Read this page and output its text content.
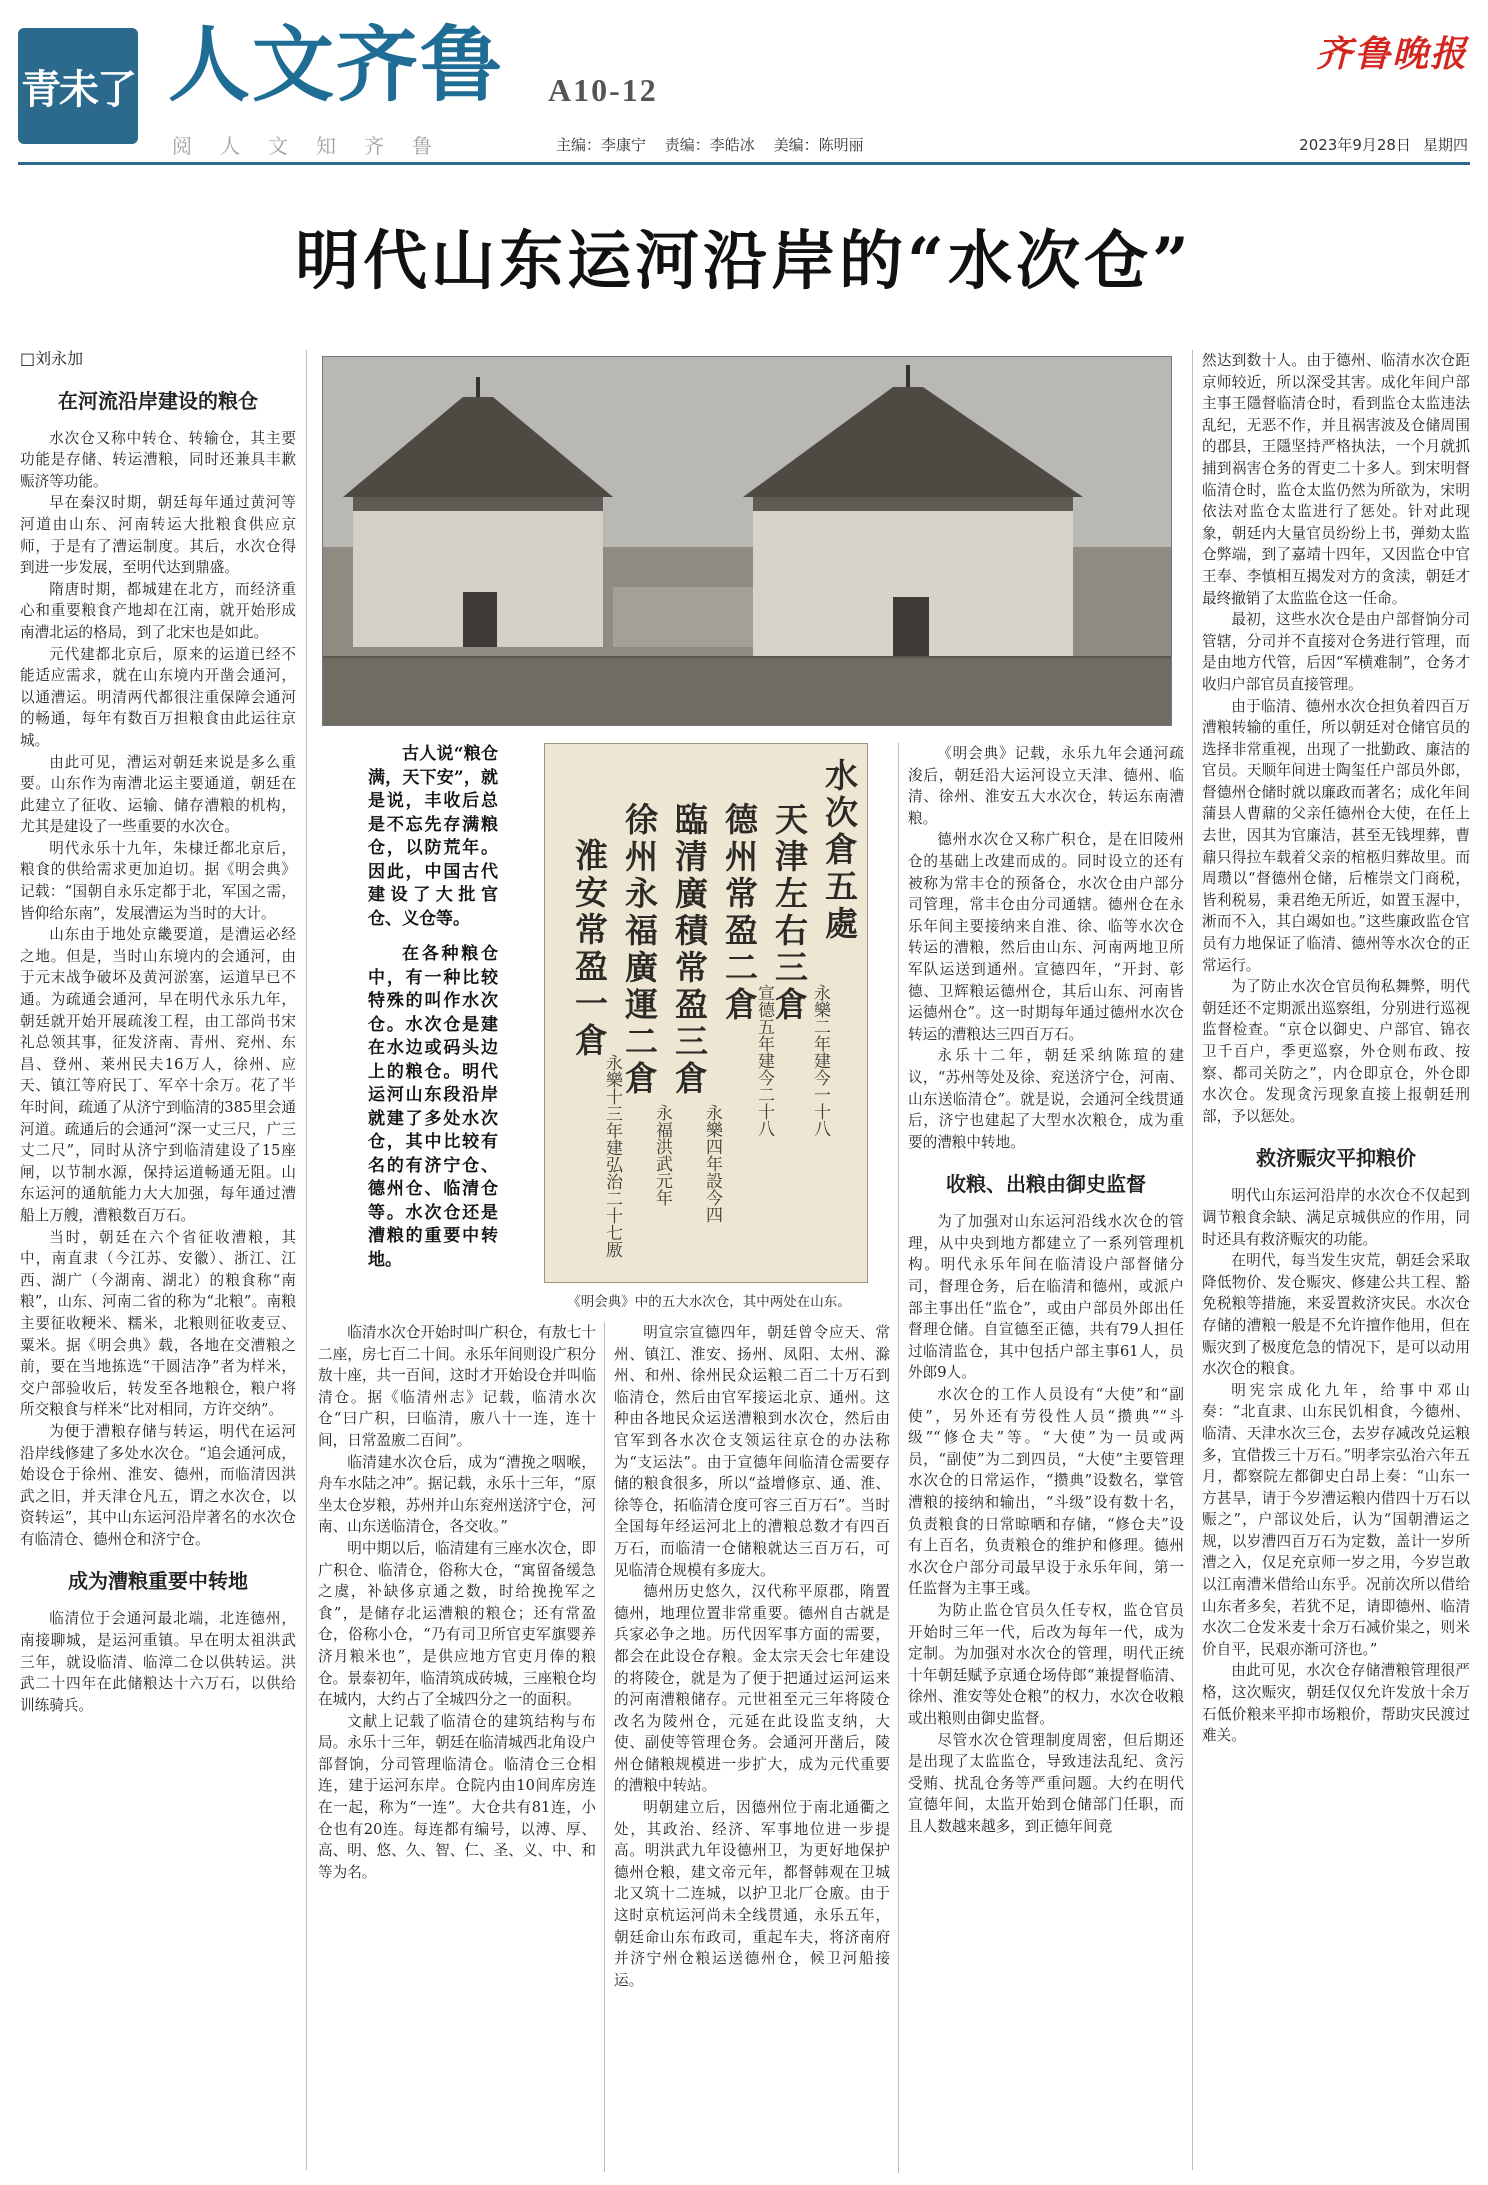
青未了 人文齐鲁 A10-12
阅人文知齐鲁	主编：李康宁 责编：李皓冰 美编：陈明丽
齐鲁晚报
2023年9月28日 星期四
明代山东运河沿岸的“水次仓”

□刘永加

在河流沿岸建设的粮仓

水次仓又称中转仓、转输仓，其主要功能是存储、转运漕粮，同时还兼具丰歉赈济等功能。

早在秦汉时期，朝廷每年通过黄河等河道由山东、河南转运大批粮食供应京师，于是有了漕运制度。其后，水次仓得到进一步发展，至明代达到鼎盛。

隋唐时期，都城建在北方，而经济重心和重要粮食产地却在江南，就开始形成南漕北运的格局，到了北宋也是如此。

元代建都北京后，原来的运道已经不能适应需求，就在山东境内开凿会通河，以通漕运。明清两代都很注重保障会通河的畅通，每年有数百万担粮食由此运往京城。

由此可见，漕运对朝廷来说是多么重要。山东作为南漕北运主要通道，朝廷在此建立了征收、运输、储存漕粮的机构，尤其是建设了一些重要的水次仓。

明代永乐十九年，朱棣迁都北京后，粮食的供给需求更加迫切。据《明会典》记载：“国朝自永乐定都于北，军国之需，皆仰给东南”，发展漕运为当时的大计。

山东由于地处京畿要道，是漕运必经之地。但是，当时山东境内的会通河，由于元末战争破坏及黄河淤塞，运道早已不通。为疏通会通河，早在明代永乐九年，朝廷就开始开展疏浚工程，由工部尚书宋礼总领其事，征发济南、青州、兖州、东昌、登州、莱州民夫16万人，徐州、应天、镇江等府民丁、军卒十余万。花了半年时间，疏通了从济宁到临清的385里会通河道。疏通后的会通河“深一丈三尺，广三丈二尺”，同时从济宁到临清建设了15座闸，以节制水源，保持运道畅通无阻。山东运河的通航能力大大加强，每年通过漕船上万艘，漕粮数百万石。

当时，朝廷在六个省征收漕粮，其中，南直隶（今江苏、安徽）、浙江、江西、湖广（今湖南、湖北）的粮食称“南粮”，山东、河南二省的称为“北粮”。南粮主要征收粳米、糯米，北粮则征收麦豆、粟米。据《明会典》载，各地在交漕粮之前，要在当地拣选“干圆洁净”者为样米，交户部验收后，转发至各地粮仓，粮户将所交粮食与样米“比对相同，方许交纳”。

为便于漕粮存储与转运，明代在运河沿岸线修建了多处水次仓。“追会通河成，始设仓于徐州、淮安、德州，而临清因洪武之旧，并天津仓凡五，谓之水次仓，以资转运”，其中山东运河沿岸著名的水次仓有临清仓、德州仓和济宁仓。

成为漕粮重要中转地

临清位于会通河最北端，北连德州，南接聊城，是运河重镇。早在明太祖洪武三年，就设临清、临漳二仓以供转运。洪武二十四年在此储粮达十六万石，以供给训练骑兵。

古人说“粮仓满，天下安”，就是说，丰收后总是不忘先存满粮仓，以防荒年。因此，中国古代建设了大批官仓、义仓等。

在各种粮仓中，有一种比较特殊的叫作水次仓。水次仓是建在水边或码头边上的粮仓。明代运河山东段沿岸就建了多处水次仓，其中比较有名的有济宁仓、德州仓、临清仓等。水次仓还是漕粮的重要中转地。

水次倉五處
天津左右三倉
永樂二年建今一十八
德州常盈二倉
宣德五年建今二十八
臨清廣積常盈三倉
永樂四年設今四
徐州永福廣運二倉
永福洪武元年
淮安常盈一倉
永樂十三年建弘治二十七厫
《明会典》中的五大水次仓，其中两处在山东。

临清水次仓开始时叫广积仓，有敖七十二座，房七百二十间。永乐年间则设广积分敖十座，共一百间，这时才开始设仓并叫临清仓。据《临清州志》记载，临清水次仓“曰广积，曰临清，廒八十一连，连十间，日常盈廒二百间”。

临清建水次仓后，成为“漕挽之咽喉，舟车水陆之冲”。据记载，永乐十三年，“原坐太仓岁粮，苏州并山东兖州送济宁仓，河南、山东送临清仓，各交收。”

明中期以后，临清建有三座水次仓，即广积仓、临清仓，俗称大仓，“寓留备缓急之虞，补缺侈京通之数，时给挽挽军之食”，是储存北运漕粮的粮仓；还有常盈仓，俗称小仓，“乃有司卫所官吏军旗婴养济月粮米也”，是供应地方官吏月俸的粮仓。景泰初年，临清筑成砖城，三座粮仓均在城内，大约占了全城四分之一的面积。

文献上记载了临清仓的建筑结构与布局。永乐十三年，朝廷在临清城西北角设户部督饷，分司管理临清仓。临清仓三仓相连，建于运河东岸。仓院内由10间库房连在一起，称为“一连”。大仓共有81连，小仓也有20连。每连都有编号，以溥、厚、高、明、悠、久、智、仁、圣、义、中、和等为名。

明宣宗宣德四年，朝廷曾令应天、常州、镇江、淮安、扬州、凤阳、太州、滁州、和州、徐州民众运粮二百二十万石到临清仓，然后由官军接运北京、通州。这种由各地民众运送漕粮到水次仓，然后由官军到各水次仓支领运往京仓的办法称为“支运法”。由于宣德年间临清仓需要存储的粮食很多，所以“益增修京、通、淮、徐等仓，拓临清仓度可容三百万石”。当时全国每年经运河北上的漕粮总数才有四百万石，而临清一仓储粮就达三百万石，可见临清仓规模有多庞大。

德州历史悠久，汉代称平原郡，隋置德州，地理位置非常重要。德州自古就是兵家必争之地。历代因军事方面的需要，都会在此设仓存粮。金太宗天会七年建设的将陵仓，就是为了便于把通过运河运来的河南漕粮储存。元世祖至元三年将陵仓改名为陵州仓，元延在此设监支纳，大使、副使等管理仓务。会通河开凿后，陵州仓储粮规模进一步扩大，成为元代重要的漕粮中转站。

明朝建立后，因德州位于南北通衢之处，其政治、经济、军事地位进一步提高。明洪武九年设德州卫，为更好地保护德州仓粮，建文帝元年，都督韩观在卫城北又筑十二连城，以护卫北厂仓廒。由于这时京杭运河尚未全线贯通，永乐五年，朝廷命山东布政司，重起车夫，将济南府并济宁州仓粮运送德州仓，候卫河船接运。

《明会典》记载，永乐九年会通河疏浚后，朝廷沿大运河设立天津、德州、临清、徐州、淮安五大水次仓，转运东南漕粮。

德州水次仓又称广积仓，是在旧陵州仓的基础上改建而成的。同时设立的还有被称为常丰仓的预备仓，水次仓由户部分司管理，常丰仓由分司通辖。德州仓在永乐年间主要接纳来自淮、徐、临等水次仓转运的漕粮，然后由山东、河南两地卫所军队运送到通州。宣德四年，“开封、彰德、卫辉粮运德州仓，其后山东、河南皆运德州仓”。这一时期每年通过德州水次仓转运的漕粮达三四百万石。

永乐十二年，朝廷采纳陈瑄的建议，“苏州等处及徐、兖送济宁仓，河南、山东送临清仓”。就是说，会通河全线贯通后，济宁也建起了大型水次粮仓，成为重要的漕粮中转地。

收粮、出粮由御史监督

为了加强对山东运河沿线水次仓的管理，从中央到地方都建立了一系列管理机构。明代永乐年间在临清设户部督储分司，督理仓务，后在临清和德州，或派户部主事出任“监仓”，或由户部员外郎出任督理仓储。自宣德至正德，共有79人担任过临清监仓，其中包括户部主事61人，员外郎9人。

水次仓的工作人员设有“大使”和“副使”，另外还有劳役性人员“攒典”“斗级”“修仓夫”等。“大使”为一员或两员，“副使”为二到四员，“大使”主要管理水次仓的日常运作，“攒典”设数名，掌管漕粮的接纳和输出，“斗级”设有数十名，负责粮食的日常晾晒和存储，“修仓夫”设有上百名，负责粮仓的维护和修理。德州水次仓户部分司最早设于永乐年间，第一任监督为主事王彧。

为防止监仓官员久任专权，监仓官员开始时三年一代，后改为每年一代，成为定制。为加强对水次仓的管理，明代正统十年朝廷赋予京通仓场侍郎“兼提督临清、徐州、淮安等处仓粮”的权力，水次仓收粮或出粮则由御史监督。

尽管水次仓管理制度周密，但后期还是出现了太监监仓，导致违法乱纪、贪污受贿、扰乱仓务等严重问题。大约在明代宣德年间，太监开始到仓储部门任职，而且人数越来越多，到正德年间竟

然达到数十人。由于德州、临清水次仓距京师较近，所以深受其害。成化年间户部主事王隱督临清仓时，看到监仓太监违法乱纪，无恶不作，并且祸害波及仓储周围的郡县，王隱坚持严格执法，一个月就抓捕到祸害仓务的胥吏二十多人。到宋明督临清仓时，监仓太监仍然为所欲为，宋明依法对监仓太监进行了惩处。针对此现象，朝廷内大量官员纷纷上书，弹劾太监仓弊端，到了嘉靖十四年，又因监仓中官王奉、李慎相互揭发对方的贪渎，朝廷才最终撤销了太监监仓这一任命。

最初，这些水次仓是由户部督饷分司管辖，分司并不直接对仓务进行管理，而是由地方代管，后因“军横难制”，仓务才收归户部官员直接管理。

由于临清、德州水次仓担负着四百万漕粮转输的重任，所以朝廷对仓储官员的选择非常重视，出现了一批勤政、廉洁的官员。天顺年间进士陶玺任户部员外郎，督德州仓储时就以廉政而著名；成化年间蒲县人曹鼐的父亲任德州仓大使，在任上去世，因其为官廉洁，甚至无钱埋葬，曹鼐只得拉车载着父亲的棺柩归葬故里。而周瓒以“督德州仓储，后榷崇文门商税，皆利税易，秉君绝无所近，如置玉渥中，淅而不入，其白竭如也。”这些廉政监仓官员有力地保证了临清、德州等水次仓的正常运行。

为了防止水次仓官员徇私舞弊，明代朝廷还不定期派出巡察组，分别进行巡视监督检查。“京仓以御史、户部官、锦衣卫千百户，季更巡察，外仓则布政、按察、都司关防之”，内仓即京仓，外仓即水次仓。发现贪污现象直接上报朝廷刑部，予以惩处。

救济赈灾平抑粮价

明代山东运河沿岸的水次仓不仅起到调节粮食余缺、满足京城供应的作用，同时还具有救济赈灾的功能。

在明代，每当发生灾荒，朝廷会采取降低物价、发仓赈灾、修建公共工程、豁免税粮等措施，来妥置救济灾民。水次仓存储的漕粮一般是不允许擅作他用，但在赈灾到了极度危急的情况下，是可以动用水次仓的粮食。

明宪宗成化九年，给事中邓山奏：“北直隶、山东民饥相食，今德州、临清、天津水次三仓，去岁存减改兑运粮多，宜借拨三十万石。”明孝宗弘治六年五月，都察院左都御史白昂上奏：“山东一方甚旱，请于今岁漕运粮内借四十万石以赈之”，户部议处后，认为“国朝漕运之规，以岁漕四百万石为定数，盖计一岁所漕之入，仅足充京师一岁之用，今岁岂敢以江南漕米借给山东乎。况前次所以借给山东者多矣，若犹不足，请即德州、临清水次二仓发米麦十余万石减价粜之，则米价自平，民艰亦渐可济也。”

由此可见，水次仓存储漕粮管理很严格，这次赈灾，朝廷仅仅允许发放十余万石低价粮来平抑市场粮价，帮助灾民渡过难关。
